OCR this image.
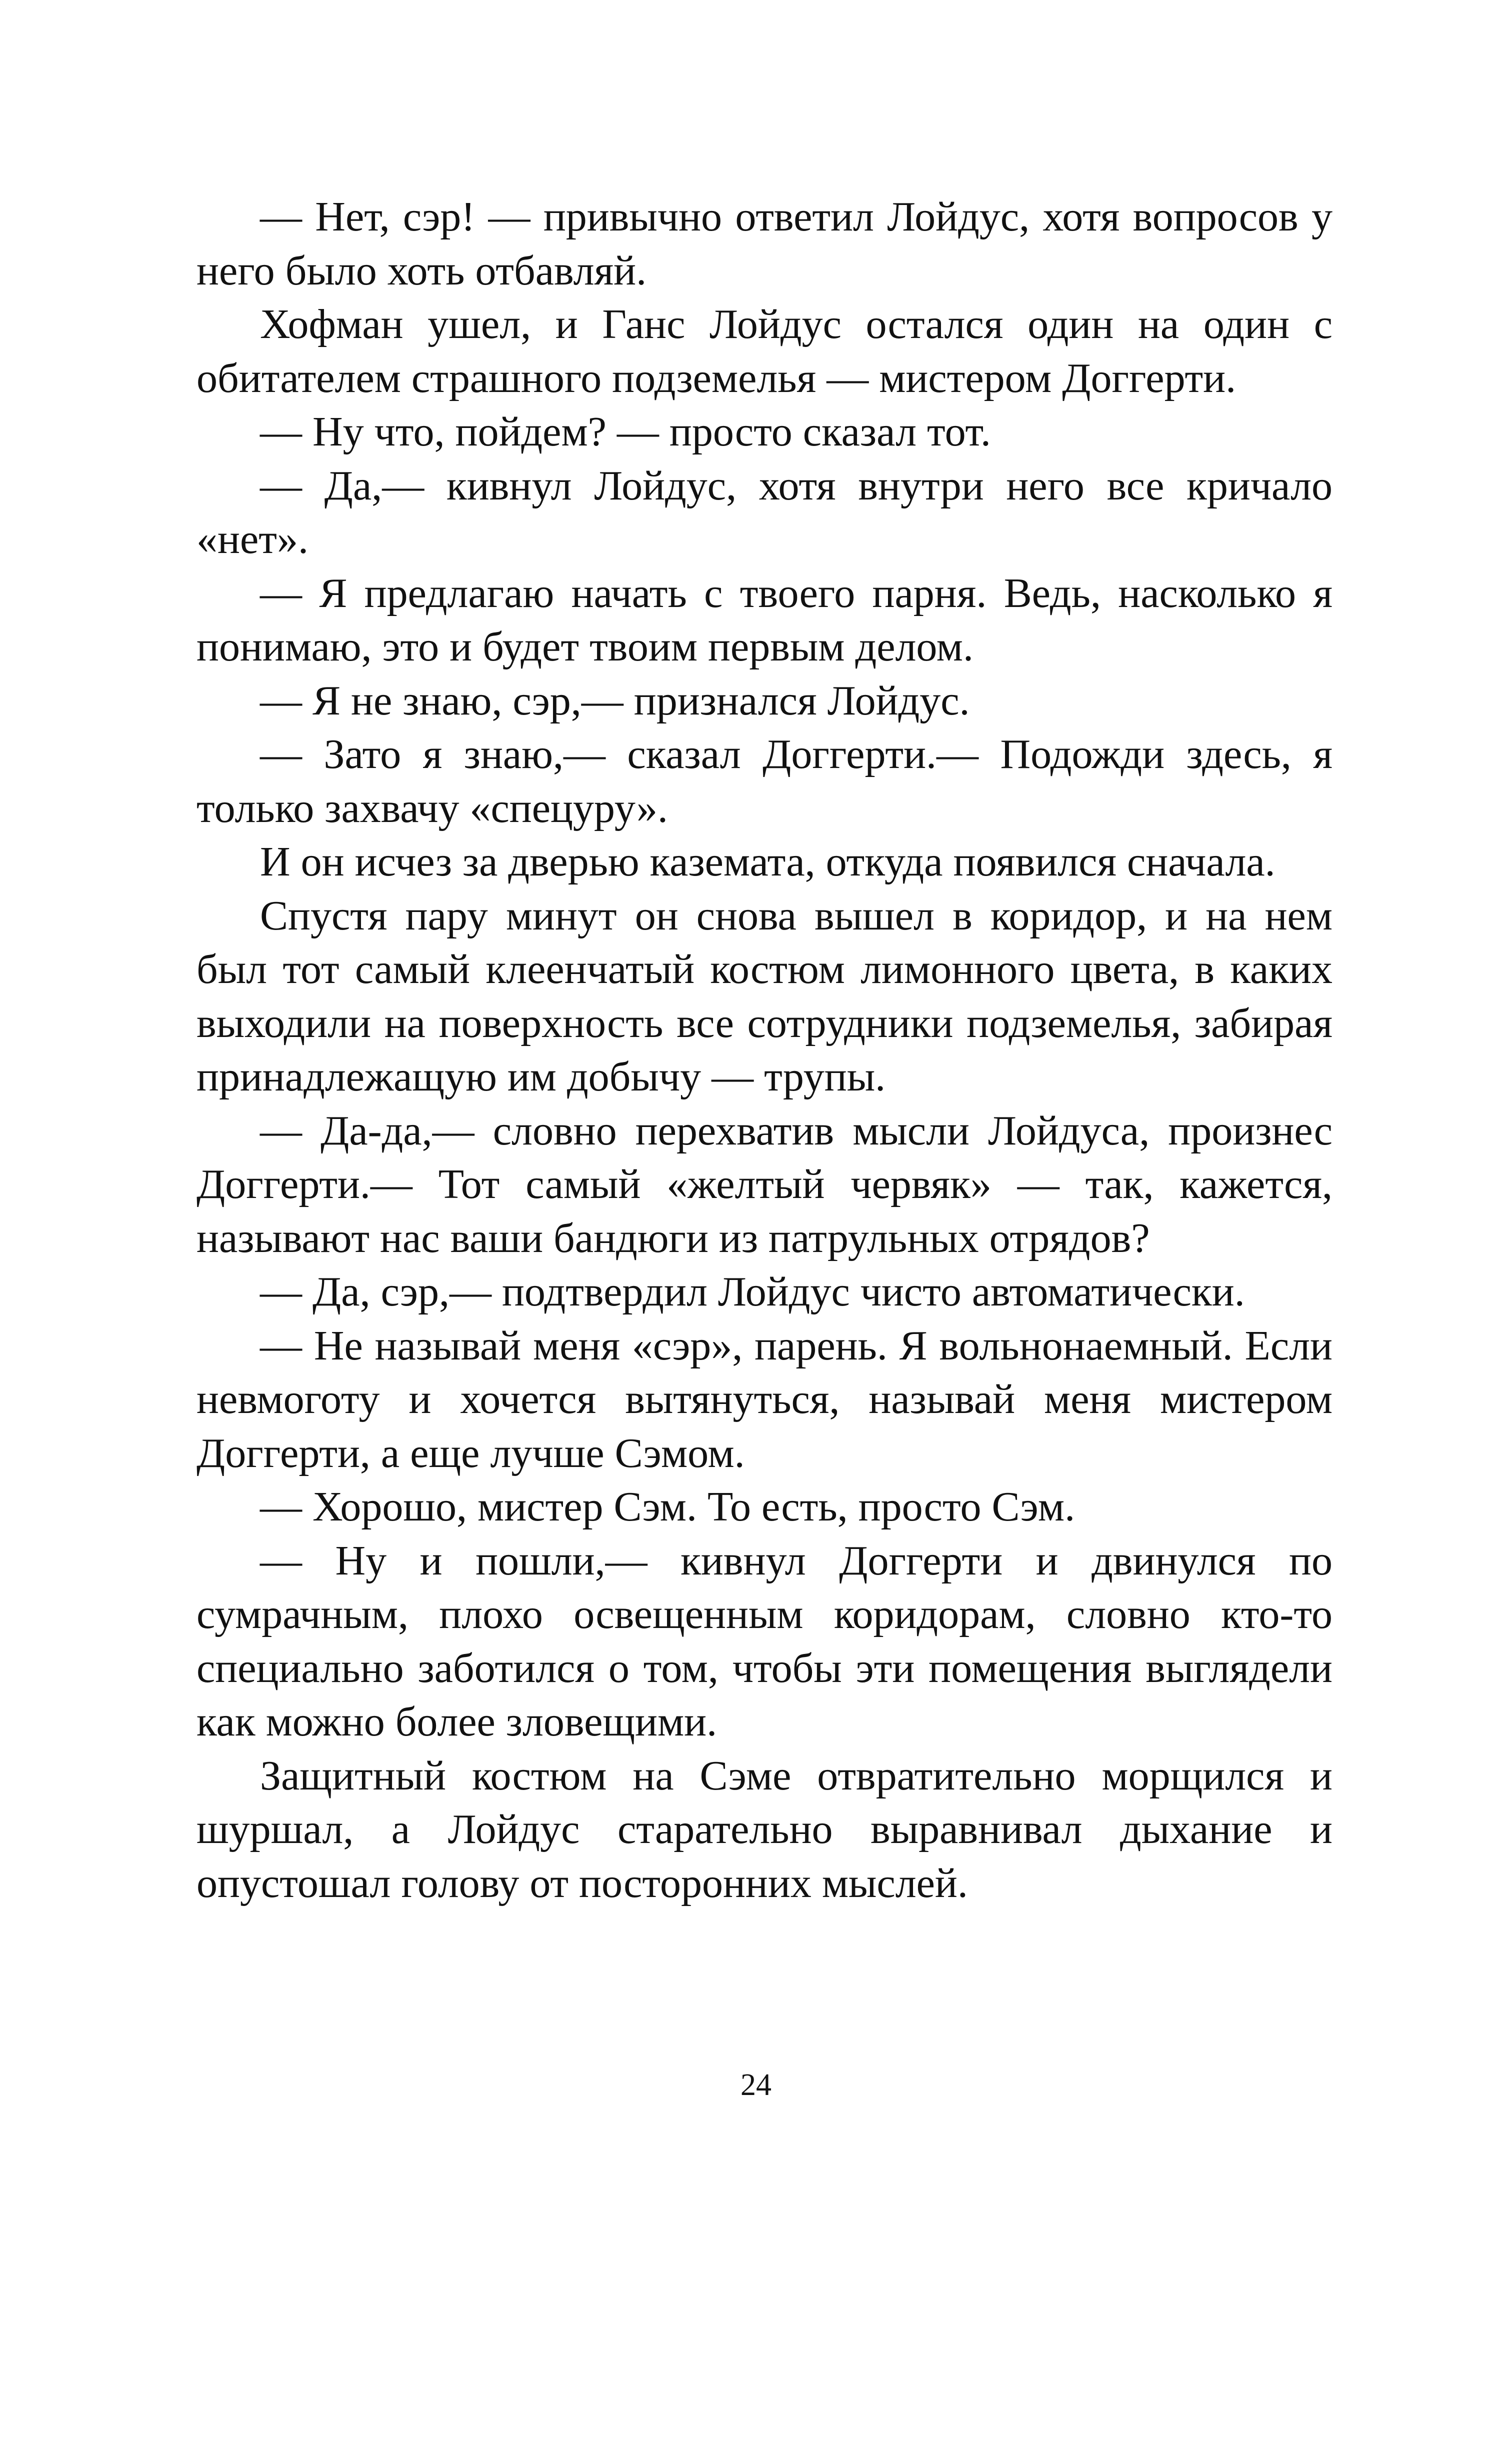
— Нет, сэр! — привычно ответил Лойдус, хотя вопросов у него было хоть отбавляй.

Хофман ушел, и Ганс Лойдус остался один на один с обитателем страшного подземелья — мистером Доггерти.

— Ну что, пойдем? — просто сказал тот.

— Да,— кивнул Лойдус, хотя внутри него все кричало «нет».

— Я предлагаю начать с твоего парня. Ведь, насколько я понимаю, это и будет твоим первым делом.

— Я не знаю, сэр,— признался Лойдус.

— Зато я знаю,— сказал Доггерти.— Подожди здесь, я только захвачу «спецуру».

И он исчез за дверью каземата, откуда появился сначала.

Спустя пару минут он снова вышел в коридор, и на нем был тот самый клеенчатый костюм лимонного цвета, в каких выходили на поверхность все сотрудники подземелья, забирая принадлежащую им добычу — трупы.

— Да-да,— словно перехватив мысли Лойдуса, произнес Доггерти.— Тот самый «желтый червяк» — так, кажется, называют нас ваши бандюги из патрульных отрядов?

— Да, сэр,— подтвердил Лойдус чисто автоматически.

— Не называй меня «сэр», парень. Я вольнонаемный. Если невмоготу и хочется вытянуться, называй меня мистером Доггерти, а еще лучше Сэмом.

— Хорошо, мистер Сэм. То есть, просто Сэм.

— Ну и пошли,— кивнул Доггерти и двинулся по сумрачным, плохо освещенным коридорам, словно кто-то специально заботился о том, чтобы эти помещения выглядели как можно более зловещими.

Защитный костюм на Сэме отвратительно морщился и шуршал, а Лойдус старательно выравнивал дыхание и опустошал голову от посторонних мыслей.

24
